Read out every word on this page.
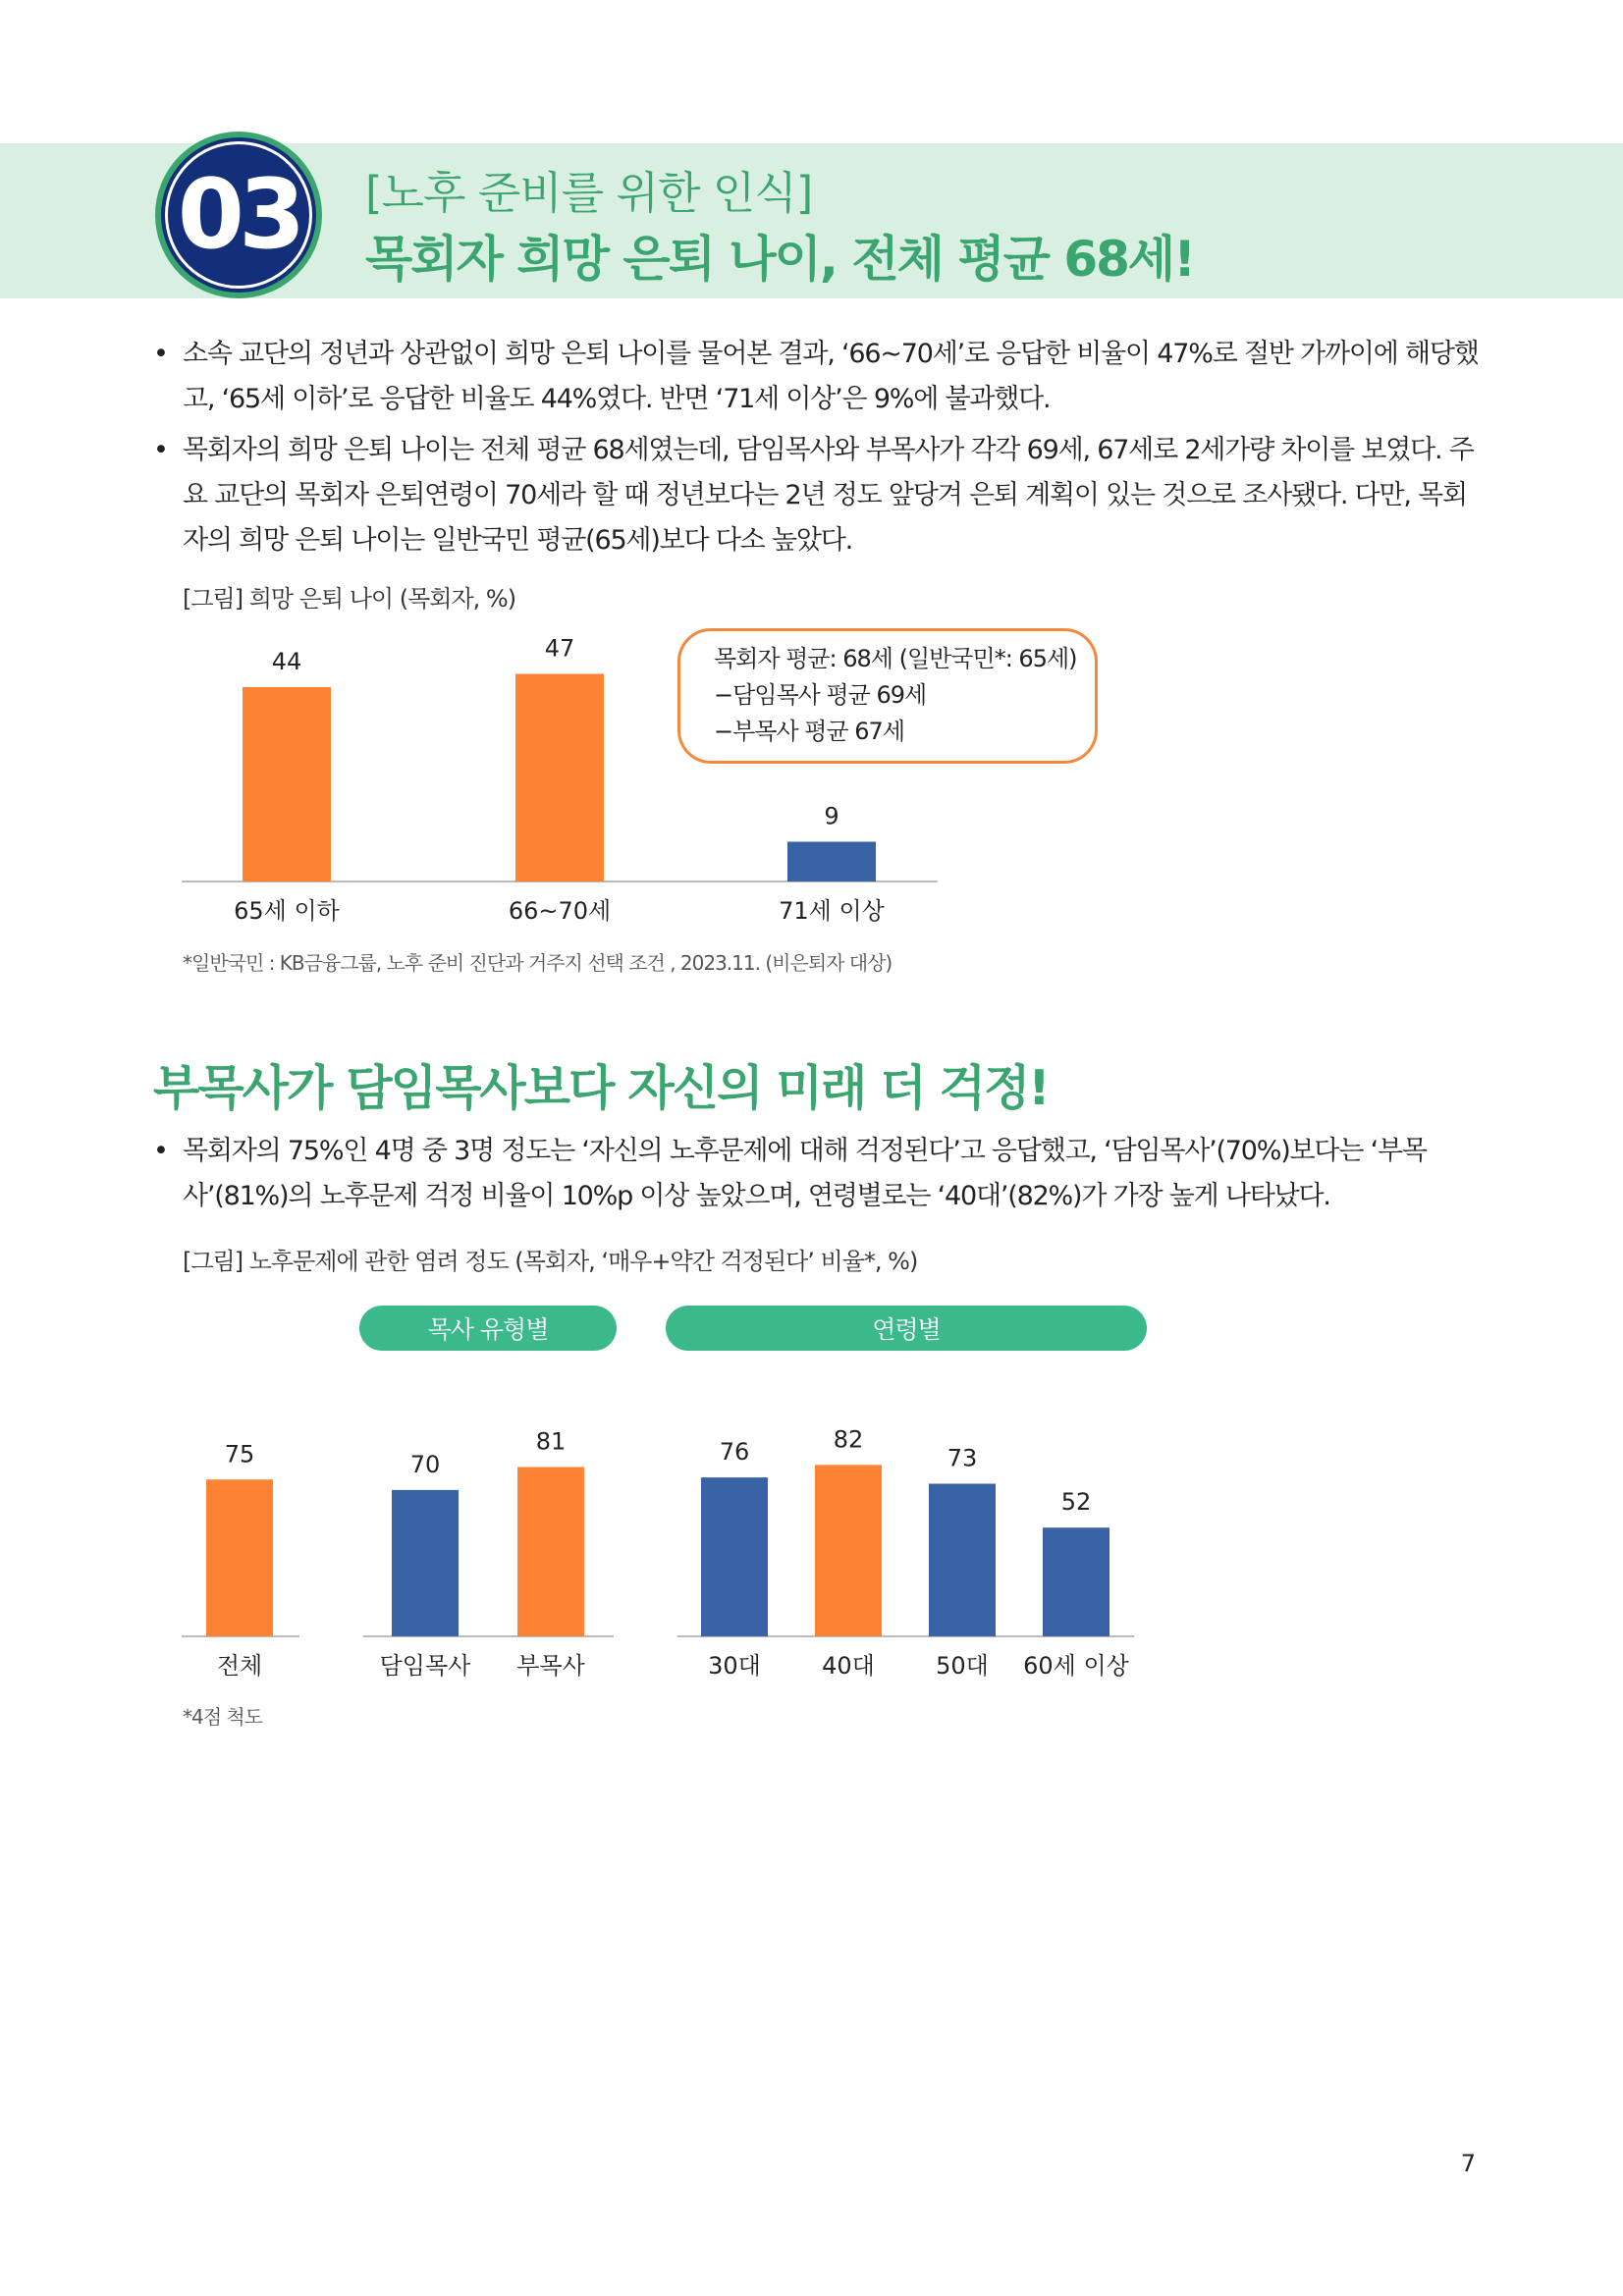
03 [노후 준비를 위한 인식]
목회자 희망 은퇴 나이, 전체 평균 68세!
• 소속 교단의 정년과 상관없이 희망 은퇴 나이를 물어본 결과, ‘66~70세’로 응답한 비율이 47%로 절반 가까이에 해당했고, ‘65세 이하’로 응답한 비율도 44%였다. 반면 ‘71세 이상’은 9%에 불과했다.
• 목회자의 희망 은퇴 나이는 전체 평균 68세였는데, 담임목사와 부목사가 각각 69세, 67세로 2세가량 차이를 보였다. 주요 교단의 목회자 은퇴연령이 70세라 할 때 정년보다는 2년 정도 앞당겨 은퇴 계획이 있는 것으로 조사됐다. 다만, 목회자의 희망 은퇴 나이는 일반국민 평균(65세)보다 다소 높았다.
[그림] 희망 은퇴 나이 (목회자, %)
44
65세 이하
47
66~70세
9
71세 이상
목회자 평균: 68세 (일반국민*: 65세)
−담임목사 평균 69세
−부목사 평균 67세
*일반국민 : KB금융그룹, 노후 준비 진단과 거주지 선택 조건 , 2023.11. (비은퇴자 대상)
부목사가 담임목사보다 자신의 미래 더 걱정!
• 목회자의 75%인 4명 중 3명 정도는 ‘자신의 노후문제에 대해 걱정된다’고 응답했고, ‘담임목사’(70%)보다는 ‘부목사’(81%)의 노후문제 걱정 비율이 10%p 이상 높았으며, 연령별로는 ‘40대’(82%)가 가장 높게 나타났다.
[그림] 노후문제에 관한 염려 정도 (목회자, ‘매우+약간 걱정된다’ 비율*, %)
목사 유형별	연령별
75
전체
70
담임목사
81
부목사
76
30대
82
40대
73
50대
52
60세 이상
*4점 척도
7
